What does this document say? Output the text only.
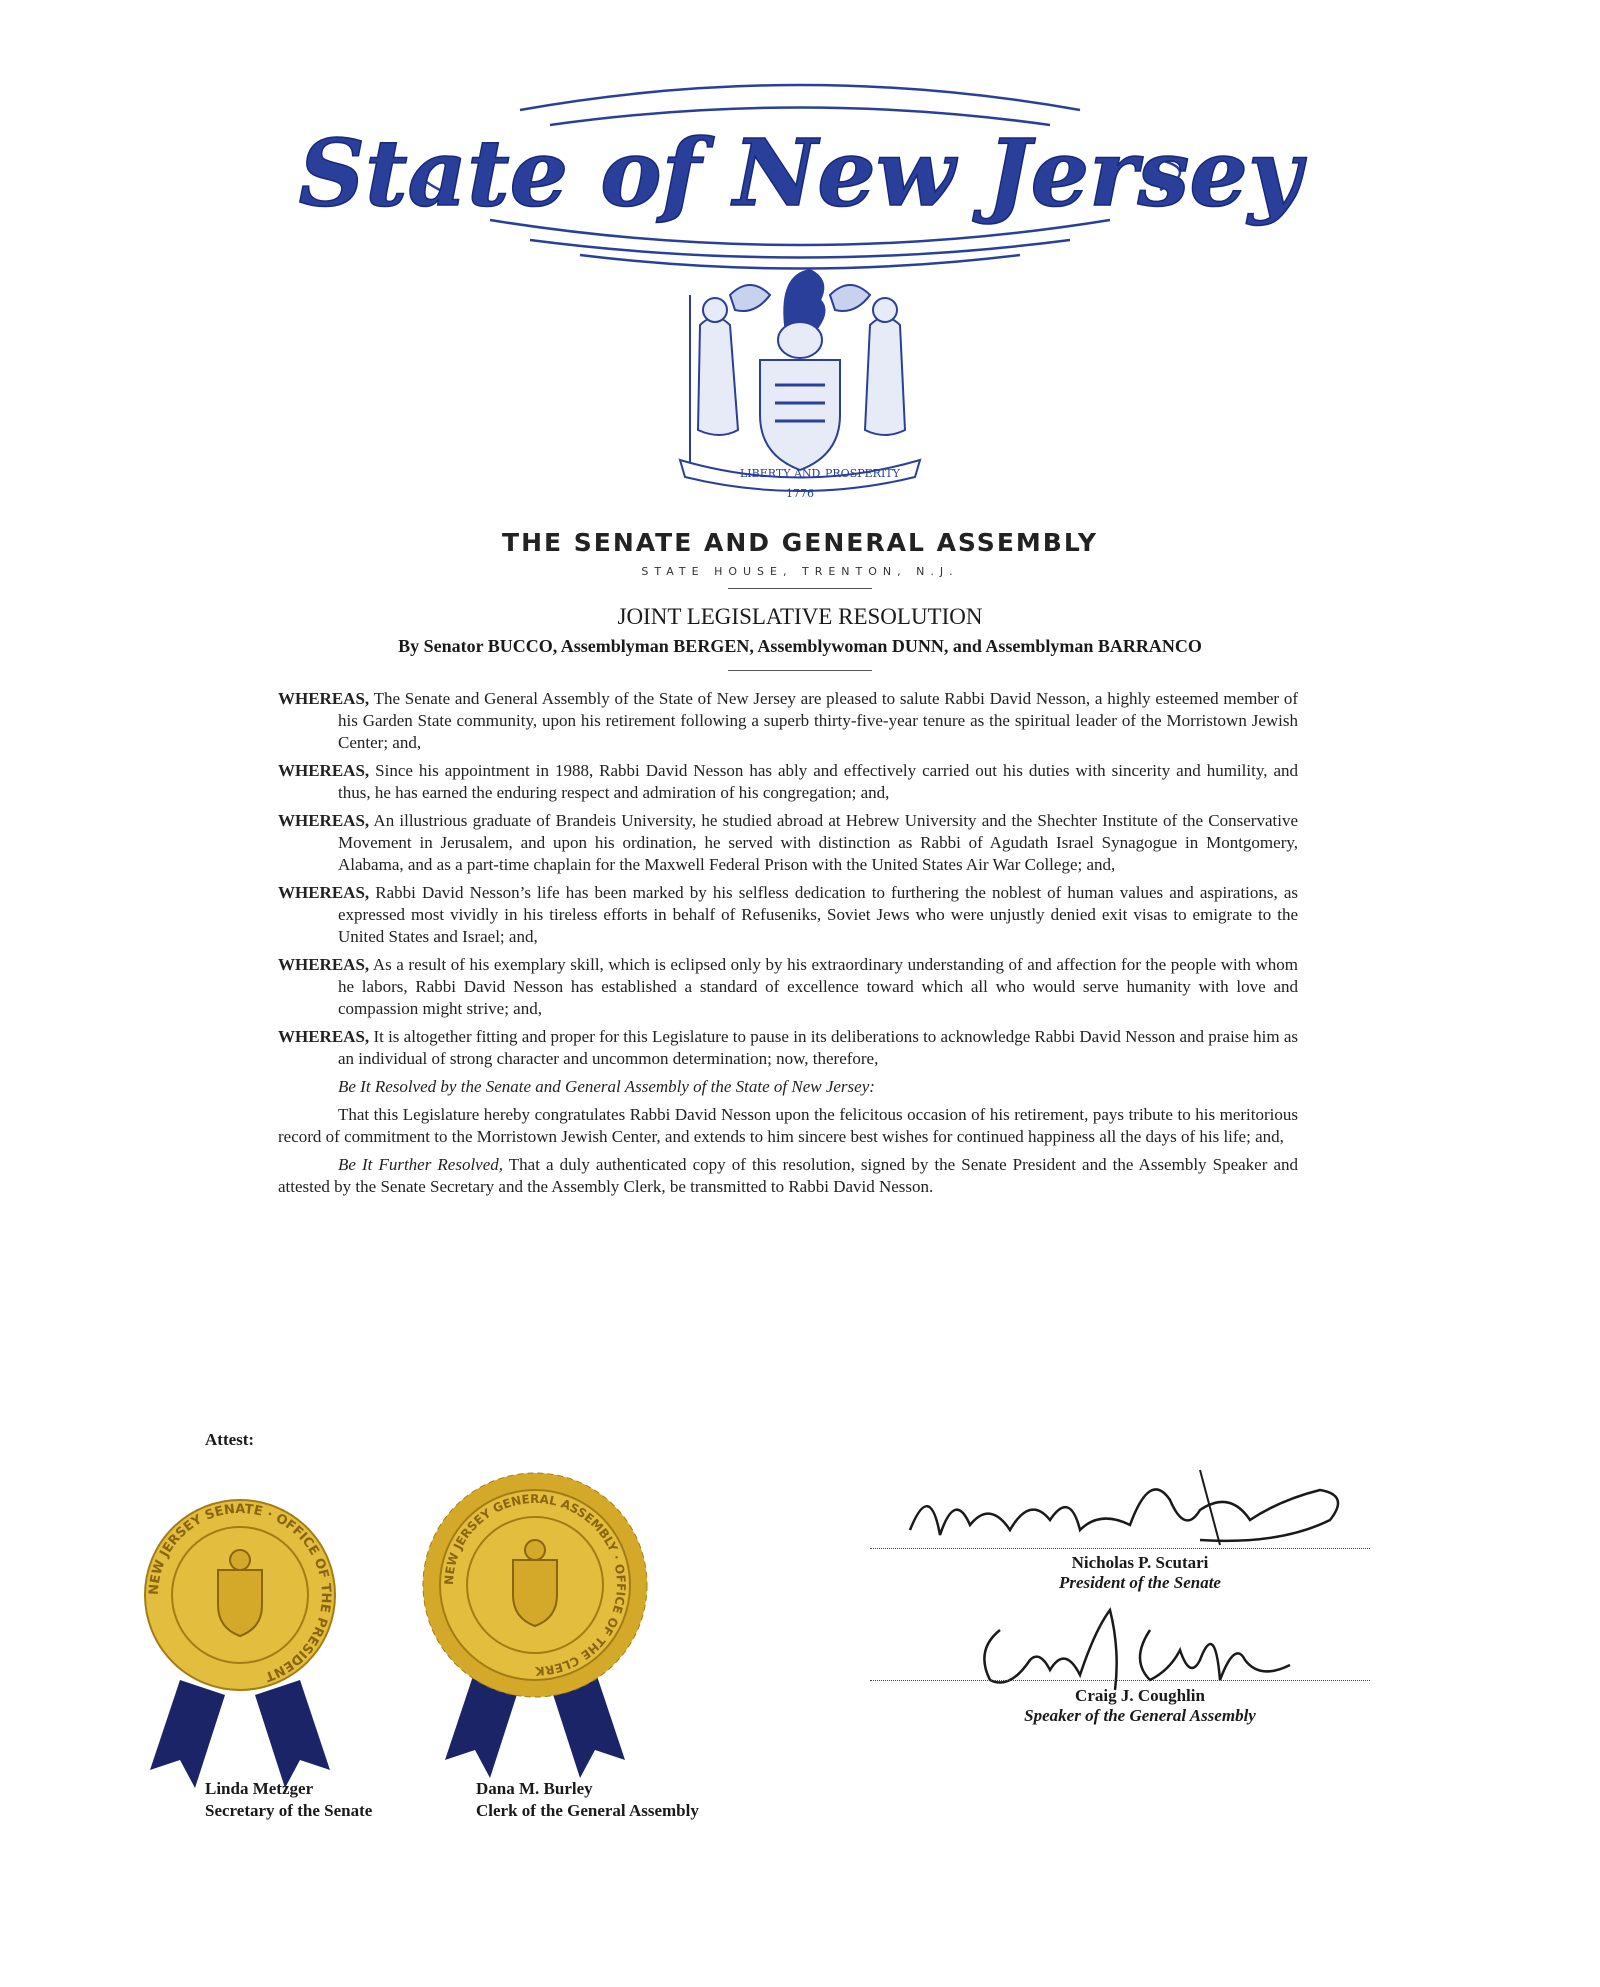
State of New Jersey
LIBERTY AND PROSPERITY
1776
THE SENATE AND GENERAL ASSEMBLY
STATE HOUSE, TRENTON, N.J.
JOINT LEGISLATIVE RESOLUTION
By Senator BUCCO, Assemblyman BERGEN, Assemblywoman DUNN, and Assemblyman BARRANCO

WHEREAS, The Senate and General Assembly of the State of New Jersey are pleased to salute Rabbi David Nesson, a highly esteemed member of his Garden State community, upon his retirement following a superb thirty-five-year tenure as the spiritual leader of the Morristown Jewish Center; and,

WHEREAS, Since his appointment in 1988, Rabbi David Nesson has ably and effectively carried out his duties with sincerity and humility, and thus, he has earned the enduring respect and admiration of his congregation; and,

WHEREAS, An illustrious graduate of Brandeis University, he studied abroad at Hebrew University and the Shechter Institute of the Conservative Movement in Jerusalem, and upon his ordination, he served with distinction as Rabbi of Agudath Israel Synagogue in Montgomery, Alabama, and as a part-time chaplain for the Maxwell Federal Prison with the United States Air War College; and,

WHEREAS, Rabbi David Nesson’s life has been marked by his selfless dedication to furthering the noblest of human values and aspirations, as expressed most vividly in his tireless efforts in behalf of Refuseniks, Soviet Jews who were unjustly denied exit visas to emigrate to the United States and Israel; and,

WHEREAS, As a result of his exemplary skill, which is eclipsed only by his extraordinary understanding of and affection for the people with whom he labors, Rabbi David Nesson has established a standard of excellence toward which all who would serve humanity with love and compassion might strive; and,

WHEREAS, It is altogether fitting and proper for this Legislature to pause in its deliberations to acknowledge Rabbi David Nesson and praise him as an individual of strong character and uncommon determination; now, therefore,

Be It Resolved by the Senate and General Assembly of the State of New Jersey:

That this Legislature hereby congratulates Rabbi David Nesson upon the felicitous occasion of his retirement, pays tribute to his meritorious record of commitment to the Morristown Jewish Center, and extends to him sincere best wishes for continued happiness all the days of his life; and,

Be It Further Resolved, That a duly authenticated copy of this resolution, signed by the Senate President and the Assembly Speaker and attested by the Senate Secretary and the Assembly Clerk, be transmitted to Rabbi David Nesson.

Attest:
NEW JERSEY SENATE · OFFICE OF THE PRESIDENT
NEW JERSEY GENERAL ASSEMBLY · OFFICE OF THE CLERK
Linda Metzger
Secretary of the Senate
Dana M. Burley
Clerk of the General Assembly
Nicholas P. Scutari
President of the Senate
Craig J. Coughlin
Speaker of the General Assembly
